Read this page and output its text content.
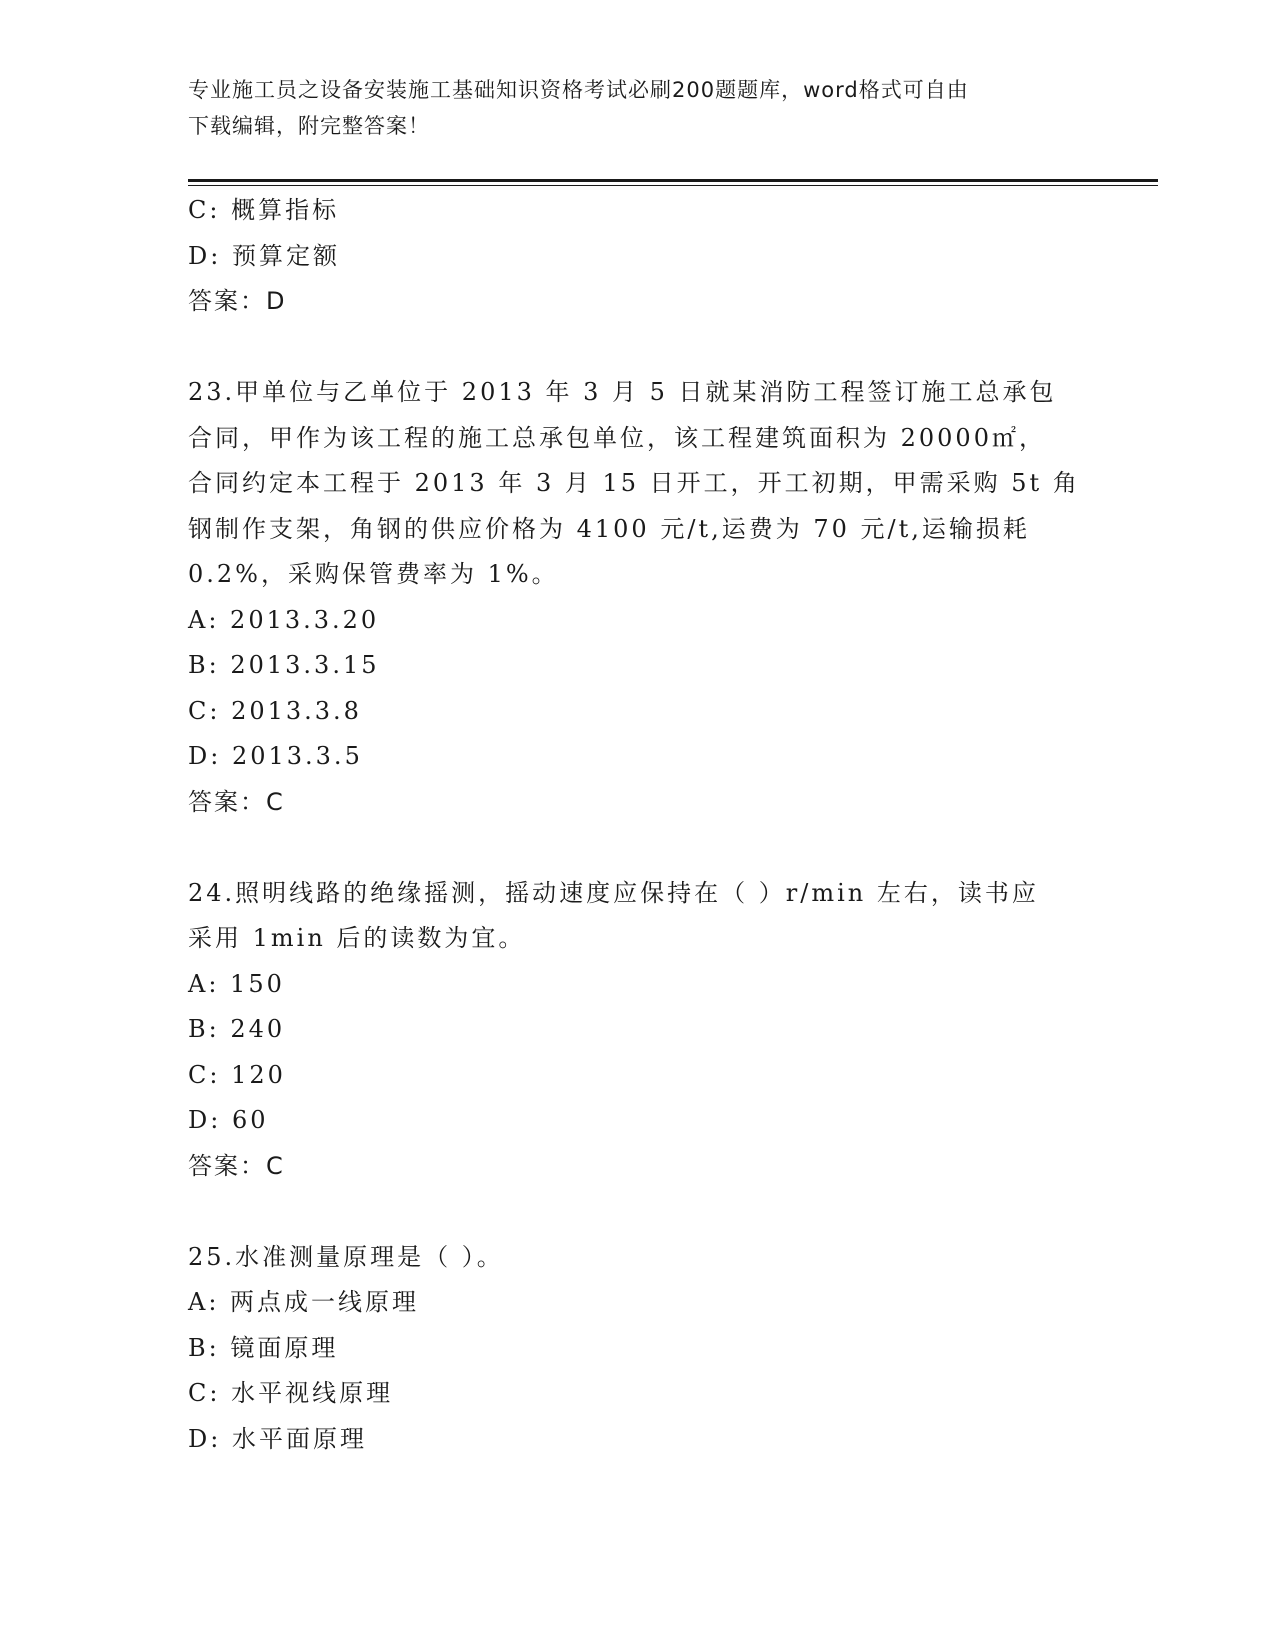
专业施工员之设备安装施工基础知识资格考试必刷200题题库，word格式可自由
下载编辑，附完整答案！
C: 概算指标
D: 预算定额
答案：D
23.甲单位与乙单位于 2013 年 3 月 5 日就某消防工程签订施工总承包
合同，甲作为该工程的施工总承包单位，该工程建筑面积为 20000㎡，
合同约定本工程于 2013 年 3 月 15 日开工，开工初期，甲需采购 5t 角
钢制作支架，角钢的供应价格为 4100 元/t,运费为 70 元/t,运输损耗
0.2%，采购保管费率为 1%。
A: 2013.3.20
B: 2013.3.15
C: 2013.3.8
D: 2013.3.5
答案：C
24.照明线路的绝缘摇测，摇动速度应保持在（ ）r/min 左右，读书应
采用 1min 后的读数为宜。
A: 150
B: 240
C: 120
D: 60
答案：C
25.水准测量原理是（ ）。
A: 两点成一线原理
B: 镜面原理
C: 水平视线原理
D: 水平面原理
